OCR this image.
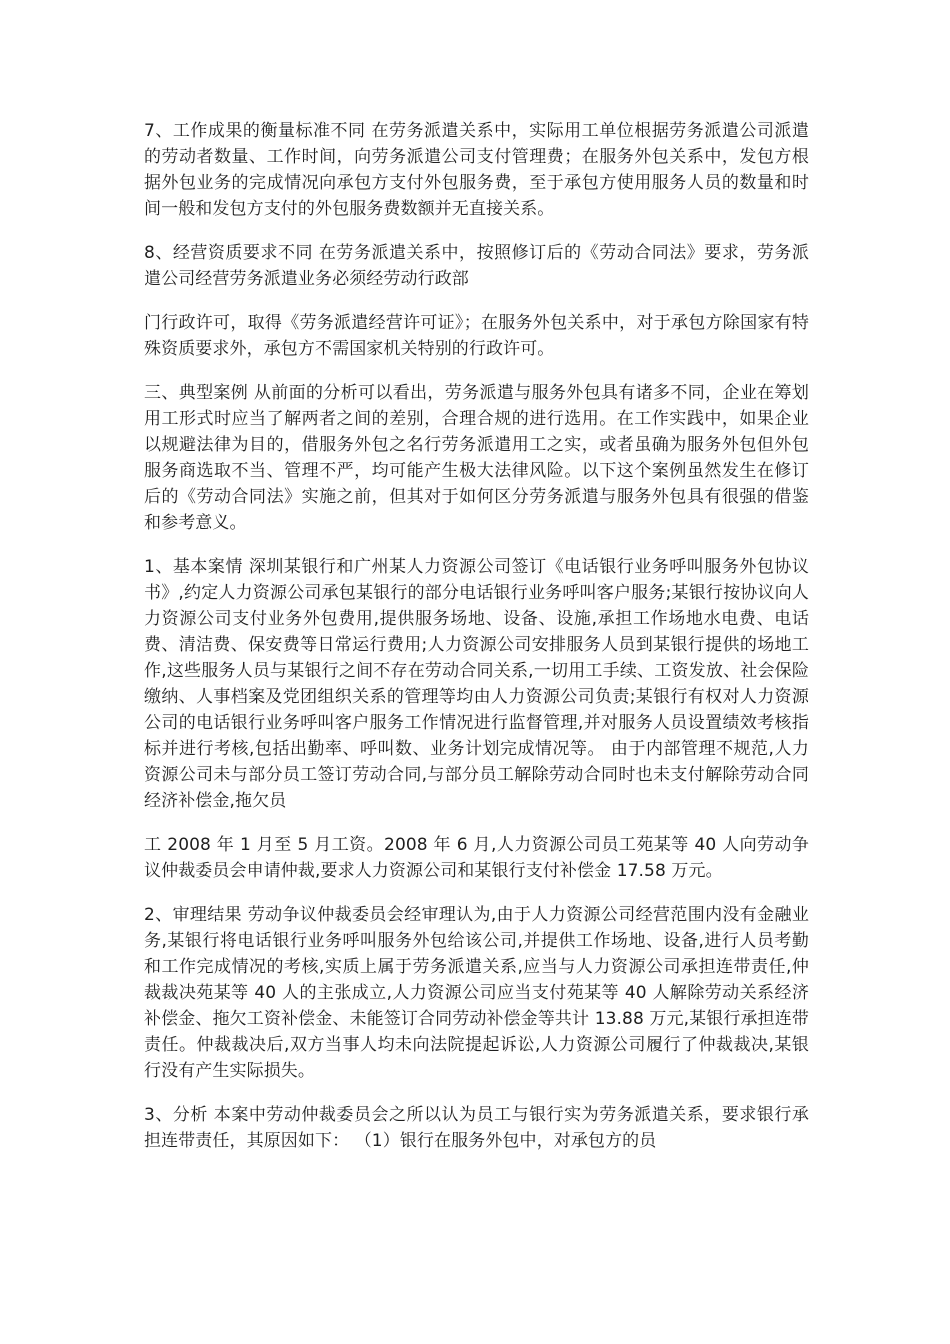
7、工作成果的衡量标准不同 在劳务派遣关系中，实际用工单位根据劳务派遣公司派遣的劳动者数量、工作时间，向劳务派遣公司支付管理费；在服务外包关系中，发包方根据外包业务的完成情况向承包方支付外包服务费，至于承包方使用服务人员的数量和时间一般和发包方支付的外包服务费数额并无直接关系。

8、经营资质要求不同 在劳务派遣关系中，按照修订后的《劳动合同法》要求，劳务派遣公司经营劳务派遣业务必须经劳动行政部

门行政许可，取得《劳务派遣经营许可证》；在服务外包关系中，对于承包方除国家有特殊资质要求外，承包方不需国家机关特别的行政许可。

三、典型案例 从前面的分析可以看出，劳务派遣与服务外包具有诸多不同，企业在筹划用工形式时应当了解两者之间的差别，合理合规的进行选用。在工作实践中，如果企业以规避法律为目的，借服务外包之名行劳务派遣用工之实，或者虽确为服务外包但外包服务商选取不当、管理不严，均可能产生极大法律风险。以下这个案例虽然发生在修订后的《劳动合同法》实施之前，但其对于如何区分劳务派遣与服务外包具有很强的借鉴和参考意义。

1、基本案情 深圳某银行和广州某人力资源公司签订《电话银行业务呼叫服务外包协议书》,约定人力资源公司承包某银行的部分电话银行业务呼叫客户服务;某银行按协议向人力资源公司支付业务外包费用,提供服务场地、设备、设施,承担工作场地水电费、电话费、清洁费、保安费等日常运行费用;人力资源公司安排服务人员到某银行提供的场地工作,这些服务人员与某银行之间不存在劳动合同关系,一切用工手续、工资发放、社会保险缴纳、人事档案及党团组织关系的管理等均由人力资源公司负责;某银行有权对人力资源公司的电话银行业务呼叫客户服务工作情况进行监督管理,并对服务人员设置绩效考核指标并进行考核,包括出勤率、呼叫数、业务计划完成情况等。 由于内部管理不规范,人力资源公司未与部分员工签订劳动合同,与部分员工解除劳动合同时也未支付解除劳动合同经济补偿金,拖欠员

工 2008 年 1 月至 5 月工资。2008 年 6 月,人力资源公司员工苑某等 40 人向劳动争议仲裁委员会申请仲裁,要求人力资源公司和某银行支付补偿金 17.58 万元。

2、审理结果 劳动争议仲裁委员会经审理认为,由于人力资源公司经营范围内没有金融业务,某银行将电话银行业务呼叫服务外包给该公司,并提供工作场地、设备,进行人员考勤和工作完成情况的考核,实质上属于劳务派遣关系,应当与人力资源公司承担连带责任,仲裁裁决苑某等 40 人的主张成立,人力资源公司应当支付苑某等 40 人解除劳动关系经济补偿金、拖欠工资补偿金、未能签订合同劳动补偿金等共计 13.88 万元,某银行承担连带责任。仲裁裁决后,双方当事人均未向法院提起诉讼,人力资源公司履行了仲裁裁决,某银行没有产生实际损失。

3、分析 本案中劳动仲裁委员会之所以认为员工与银行实为劳务派遣关系，要求银行承担连带责任，其原因如下： （1）银行在服务外包中，对承包方的员
